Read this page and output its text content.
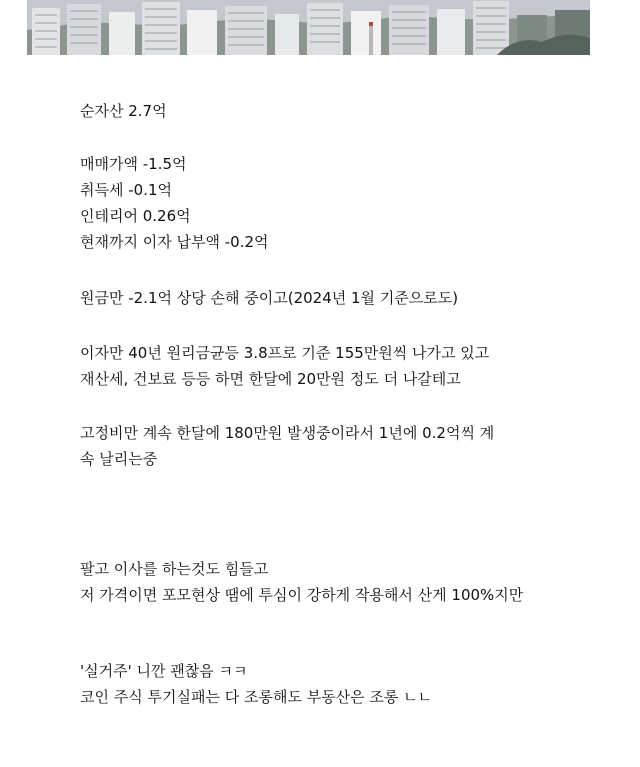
순자산 2.7억
매매가액 -1.5억
취득세 -0.1억
인테리어 0.26억
현재까지 이자 납부액 -0.2억
원금만 -2.1억 상당 손해 중이고(2024년 1월 기준으로도)
이자만 40년 원리금균등 3.8프로 기준 155만원씩 나가고 있고
재산세, 건보료 등등 하면 한달에 20만원 정도 더 나갈테고
고정비만 계속 한달에 180만원 발생중이라서 1년에 0.2억씩 계
속 날리는중
팔고 이사를 하는것도 힘들고
저 가격이면 포모현상 땜에 투심이 강하게 작용해서 산게 100%지만
'실거주' 니깐 괜찮음 ㅋㅋ
코인 주식 투기실패는 다 조롱해도 부동산은 조롱 ㄴㄴ
